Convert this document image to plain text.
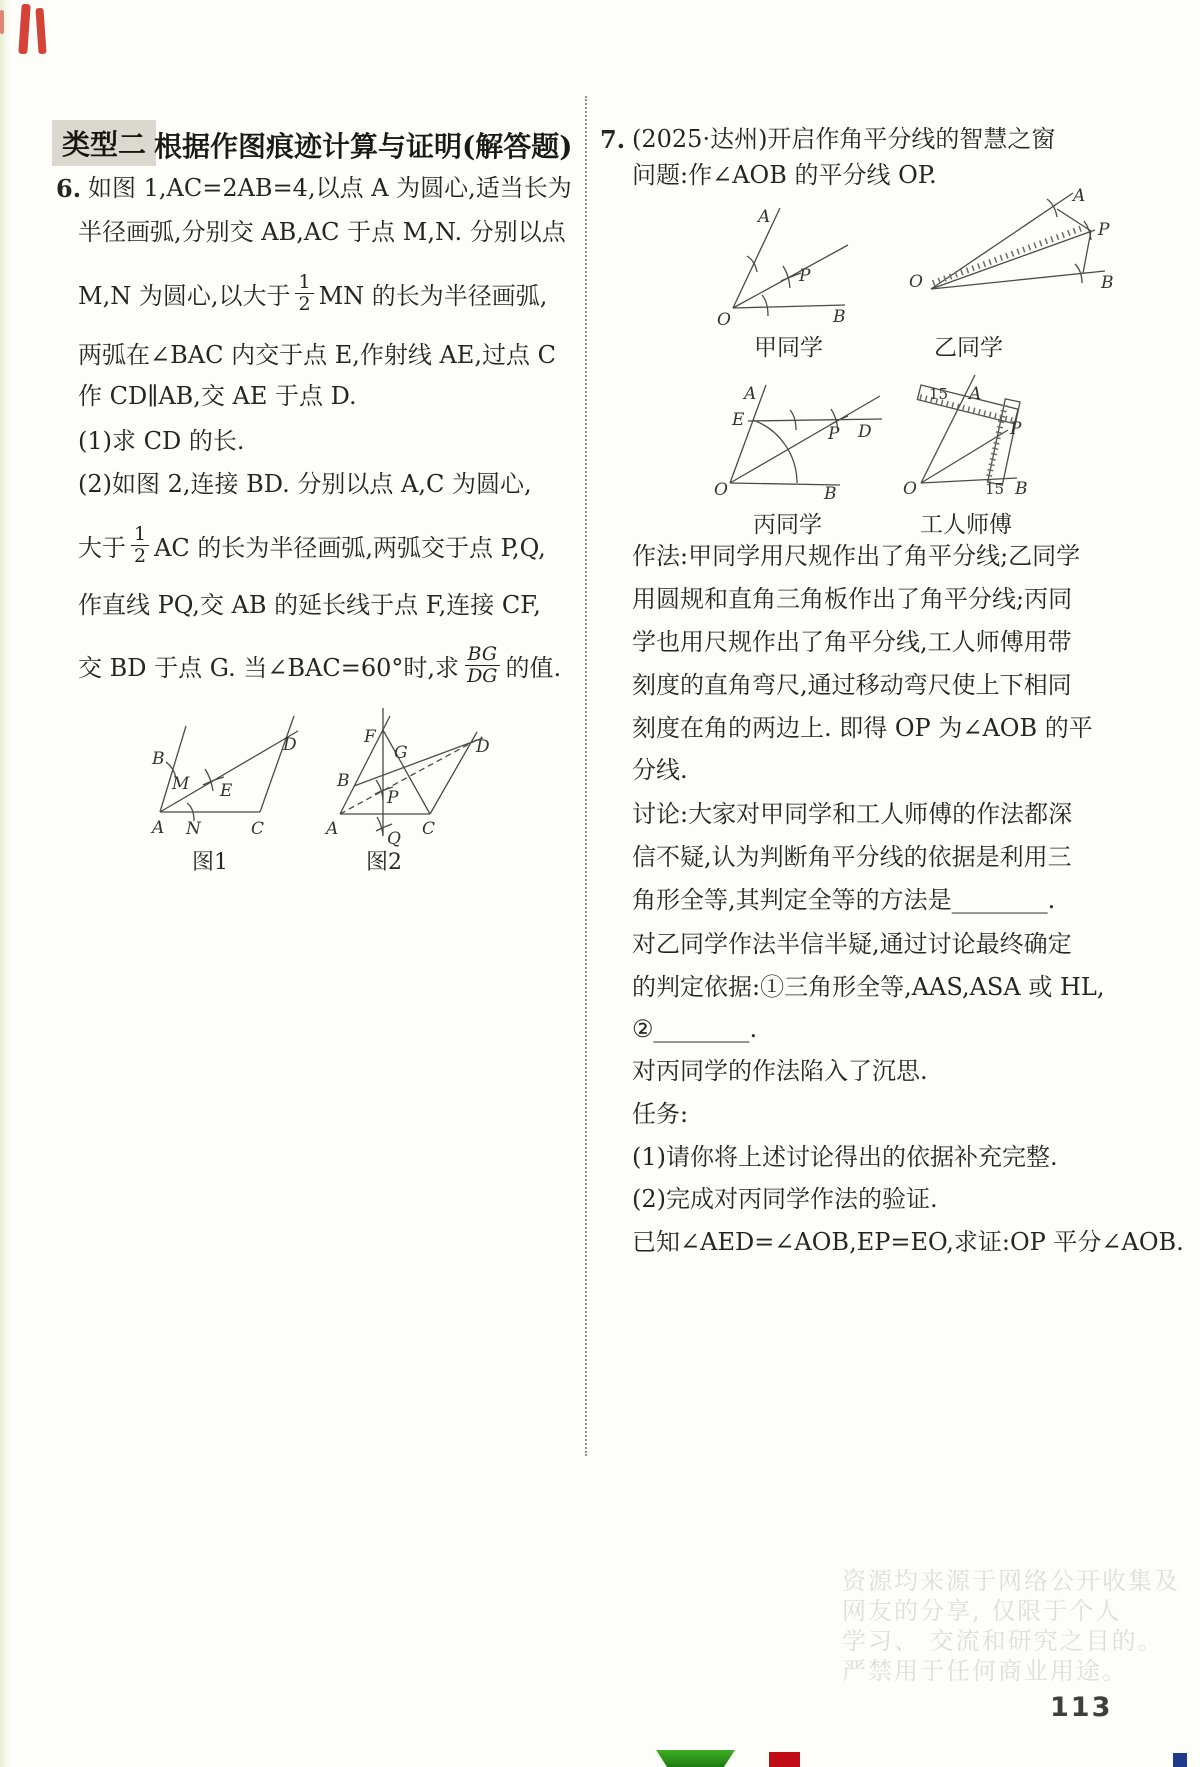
类型二 根据作图痕迹计算与证明(解答题)
6. 如图 1,AC=2AB=4,以点 A 为圆心,适当长为
半径画弧,分别交 AB,AC 于点 M,N. 分别以点
M,N 为圆心,以大于 $\frac{1}{2}$ MN 的长为半径画弧,
两弧在∠BAC 内交于点 E,作射线 AE,过点 C
作 CD∥AB,交 AE 于点 D.
(1)求 CD 的长.
(2)如图 2,连接 BD. 分别以点 A,C 为圆心,
大于 $\frac{1}{2}$ AC 的长为半径画弧,两弧交于点 P,Q,
作直线 PQ,交 AB 的延长线于点 F,连接 CF,
交 BD 于点 G. 当∠BAC=60°时,求 $\frac{BG}{DG}$ 的值.
A
B
C
D
E
M
N
图1
A
B
C
D
F
G
P
Q
图2
7. (2025·达州)开启作角平分线的智慧之窗
问题:作∠AOB 的平分线 OP.
A
O	B
P
甲同学
O
A
B
P
乙同学
A
E
P D
O	B
丙同学
15 A
P
O	15 B
工人师傅
作法:甲同学用尺规作出了角平分线;乙同学
用圆规和直角三角板作出了角平分线;丙同
学也用尺规作出了角平分线,工人师傅用带
刻度的直角弯尺,通过移动弯尺使上下相同
刻度在角的两边上. 即得 OP 为∠AOB 的平
分线.
讨论:大家对甲同学和工人师傅的作法都深
信不疑,认为判断角平分线的依据是利用三
角形全等,其判定全等的方法是________.
对乙同学作法半信半疑,通过讨论最终确定
的判定依据:①三角形全等,AAS,ASA 或 HL,
②________.
对丙同学的作法陷入了沉思.
任务:
(1)请你将上述讨论得出的依据补充完整.
(2)完成对丙同学作法的验证.
已知∠AED=∠AOB,EP=EO,求证:OP 平分∠AOB.
资源均来源于网络公开收集及
网友的分享, 仅限于个人
学习、 交流和研究之目的。
严禁用于任何商业用途。
113
